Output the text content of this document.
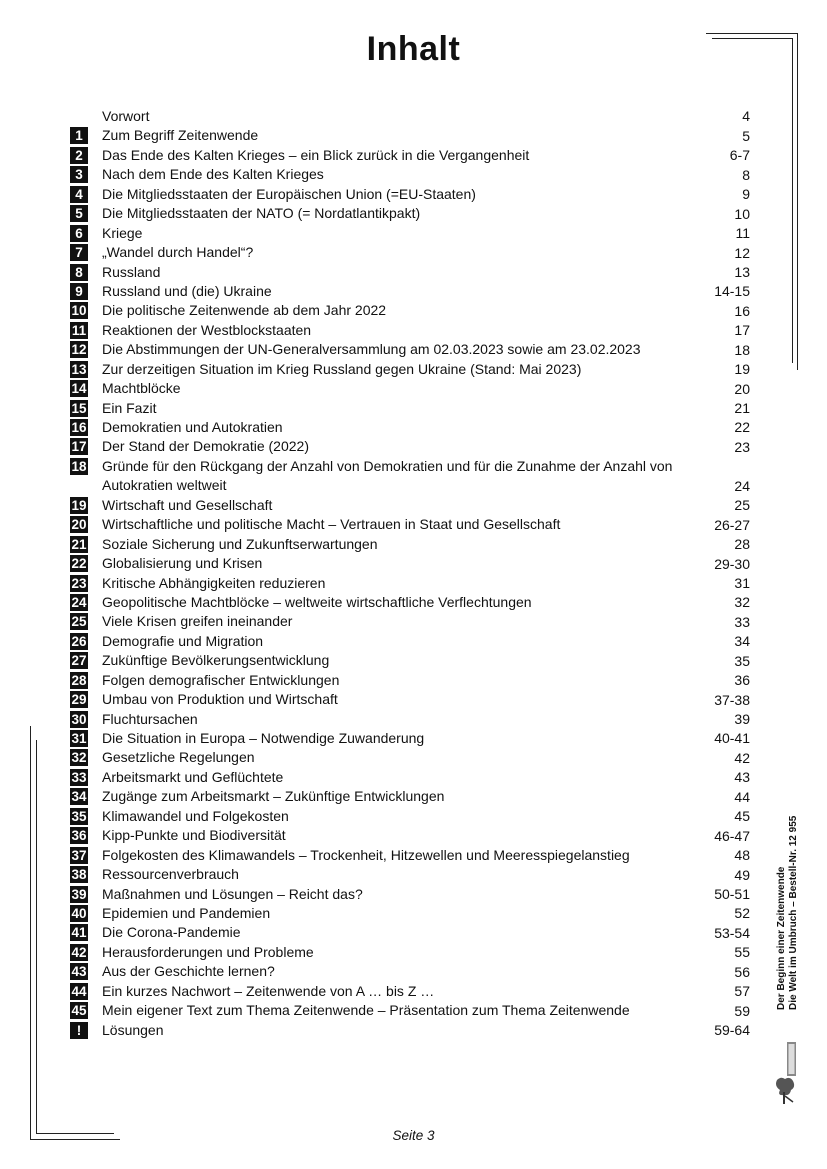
Inhalt
Vorwort	4
1	Zum Begriff Zeitenwende	5
2	Das Ende des Kalten Krieges – ein Blick zurück in die Vergangenheit	6-7
3	Nach dem Ende des Kalten Krieges	8
4	Die Mitgliedsstaaten der Europäischen Union (=EU-Staaten)	9
5	Die Mitgliedsstaaten der NATO (= Nordatlantikpakt)	10
6	Kriege	11
7	„Wandel durch Handel“?	12
8	Russland	13
9	Russland und (die) Ukraine	14-15
10 Die politische Zeitenwende ab dem Jahr 2022	16
11 Reaktionen der Westblockstaaten	17
12 Die Abstimmungen der UN-Generalversammlung am 02.03.2023 sowie am 23.02.2023	18
13 Zur derzeitigen Situation im Krieg Russland gegen Ukraine (Stand: Mai 2023)	19
14 Machtblöcke	20
15 Ein Fazit	21
16 Demokratien und Autokratien	22
17 Der Stand der Demokratie (2022)	23
18 Gründe für den Rückgang der Anzahl von Demokratien und für die Zunahme der Anzahl von Autokratien weltweit	24
19 Wirtschaft und Gesellschaft	25
20 Wirtschaftliche und politische Macht – Vertrauen in Staat und Gesellschaft	26-27
21 Soziale Sicherung und Zukunftserwartungen	28
22 Globalisierung und Krisen	29-30
23 Kritische Abhängigkeiten reduzieren	31
24 Geopolitische Machtblöcke – weltweite wirtschaftliche Verflechtungen	32
25 Viele Krisen greifen ineinander	33
26 Demografie und Migration	34
27 Zukünftige Bevölkerungsentwicklung	35
28 Folgen demografischer Entwicklungen	36
29 Umbau von Produktion und Wirtschaft	37-38
30 Fluchtursachen	39
31 Die Situation in Europa – Notwendige Zuwanderung	40-41
32 Gesetzliche Regelungen	42
33 Arbeitsmarkt und Geflüchtete	43
34 Zugänge zum Arbeitsmarkt – Zukünftige Entwicklungen	44
35 Klimawandel und Folgekosten	45
36 Kipp-Punkte und Biodiversität	46-47
37 Folgekosten des Klimawandels – Trockenheit, Hitzewellen und Meeresspiegelanstieg	48
38 Ressourcenverbrauch	49
39 Maßnahmen und Lösungen – Reicht das?	50-51
40 Epidemien und Pandemien	52
41 Die Corona-Pandemie	53-54
42 Herausforderungen und Probleme	55
43 Aus der Geschichte lernen?	56
44 Ein kurzes Nachwort – Zeitenwende von A … bis Z …	57
45 Mein eigener Text zum Thema Zeitenwende – Präsentation zum Thema Zeitenwende	59
!	Lösungen	59-64
Der Beginn einer Zeitenwende Die Welt im Umbruch – Bestell-Nr. 12 955
Seite 3
